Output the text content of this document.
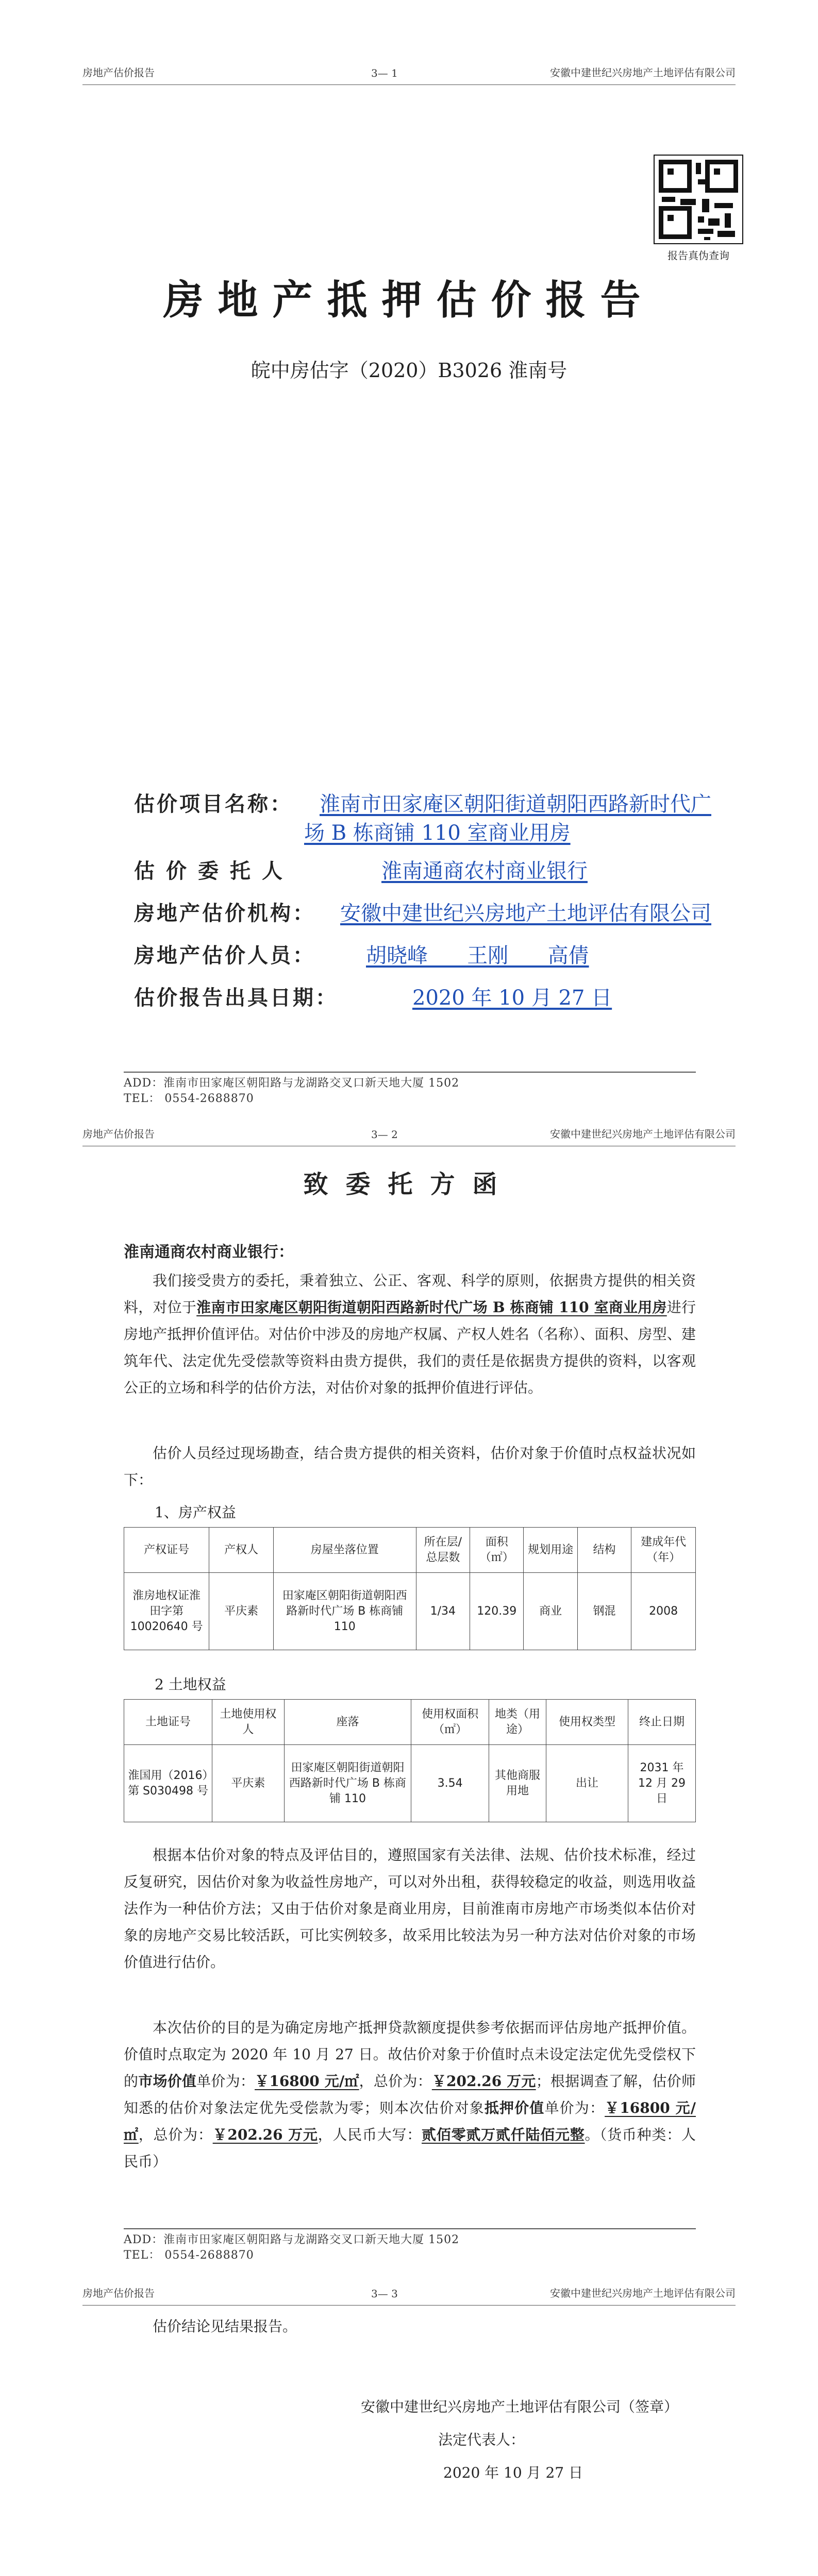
房地产估价报告	3— 1	安徽中建世纪兴房地产土地评估有限公司
报告真伪查询
房地产抵押估价报告
皖中房估字（2020）B3026 淮南号
估价项目名称： 淮南市田家庵区朝阳街道朝阳西路新时代广
场 B 栋商铺 110 室商业用房
估价委托人	淮南通商农村商业银行
房地产估价机构： 安徽中建世纪兴房地产土地评估有限公司
房地产估价人员： 胡晓峰      王刚      高倩
估价报告出具日期：	2020 年 10 月 27 日
ADD：淮南市田家庵区朝阳路与龙湖路交叉口新天地大厦 1502
TEL： 0554-2688870
房地产估价报告	3— 2	安徽中建世纪兴房地产土地评估有限公司
致委托方函
淮南通商农村商业银行：
我们接受贵方的委托，秉着独立、公正、客观、科学的原则，依据贵方提供的相关资料，对位于淮南市田家庵区朝阳街道朝阳西路新时代广场 B 栋商铺 110 室商业用房进行房地产抵押价值评估。对估价中涉及的房地产权属、产权人姓名（名称）、面积、房型、建筑年代、法定优先受偿款等资料由贵方提供，我们的责任是依据贵方提供的资料，以客观公正的立场和科学的估价方法，对估价对象的抵押价值进行评估。
估价人员经过现场勘查，结合贵方提供的相关资料，估价对象于价值时点权益状况如下：
1、房产权益
产权证号	产权人	房屋坐落位置	所在层/总层数	面积（㎡）	规划用途	结构	建成年代（年）
淮房地权证淮田字第 10020640 号	平庆素	田家庵区朝阳街道朝阳西路新时代广场 B 栋商铺 110	1/34	120.39	商业	钢混	2008
2 土地权益
土地证号	土地使用权人	座落	使用权面积（㎡）	地类（用途）	使用权类型	终止日期
淮国用（2016）第 S030498 号	平庆素	田家庵区朝阳街道朝阳西路新时代广场 B 栋商铺 110	3.54	其他商服用地	出让	2031 年 12 月 29 日
根据本估价对象的特点及评估目的，遵照国家有关法律、法规、估价技术标准，经过反复研究，因估价对象为收益性房地产，可以对外出租，获得较稳定的收益，则选用收益法作为一种估价方法；又由于估价对象是商业用房，目前淮南市房地产市场类似本估价对象的房地产交易比较活跃，可比实例较多，故采用比较法为另一种方法对估价对象的市场价值进行估价。
本次估价的目的是为确定房地产抵押贷款额度提供参考依据而评估房地产抵押价值。价值时点取定为 2020 年 10 月 27 日。故估价对象于价值时点未设定法定优先受偿权下的市场价值单价为：￥16800 元/㎡，总价为：￥202.26 万元；根据调查了解，估价师知悉的估价对象法定优先受偿款为零；则本次估价对象抵押价值单价为：￥16800 元/㎡，总价为：￥202.26 万元，人民币大写：贰佰零贰万贰仟陆佰元整。（货币种类：人民币）
ADD：淮南市田家庵区朝阳路与龙湖路交叉口新天地大厦 1502
TEL： 0554-2688870
房地产估价报告	3— 3	安徽中建世纪兴房地产土地评估有限公司
估价结论见结果报告。
安徽中建世纪兴房地产土地评估有限公司（签章）
法定代表人：
2020 年 10 月 27 日
